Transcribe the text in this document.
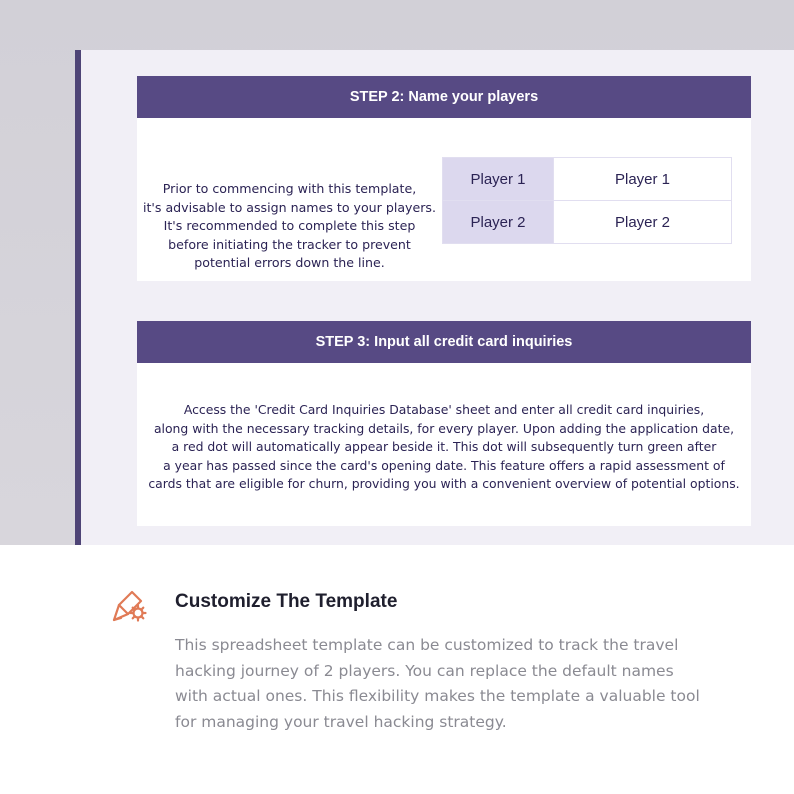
STEP 2: Name your players
Prior to commencing with this template,
it's advisable to assign names to your players.
It's recommended to complete this step
before initiating the tracker to prevent
potential errors down the line.
Player 1	Player 1
Player 2	Player 2
STEP 3: Input all credit card inquiries
Access the 'Credit Card Inquiries Database' sheet and enter all credit card inquiries,
along with the necessary tracking details, for every player. Upon adding the application date,
a red dot will automatically appear beside it. This dot will subsequently turn green after
a year has passed since the card's opening date. This feature offers a rapid assessment of
cards that are eligible for churn, providing you with a convenient overview of potential options.
Customize The Template
This spreadsheet template can be customized to track the travel
hacking journey of 2 players. You can replace the default names
with actual ones. This flexibility makes the template a valuable tool
for managing your travel hacking strategy.
